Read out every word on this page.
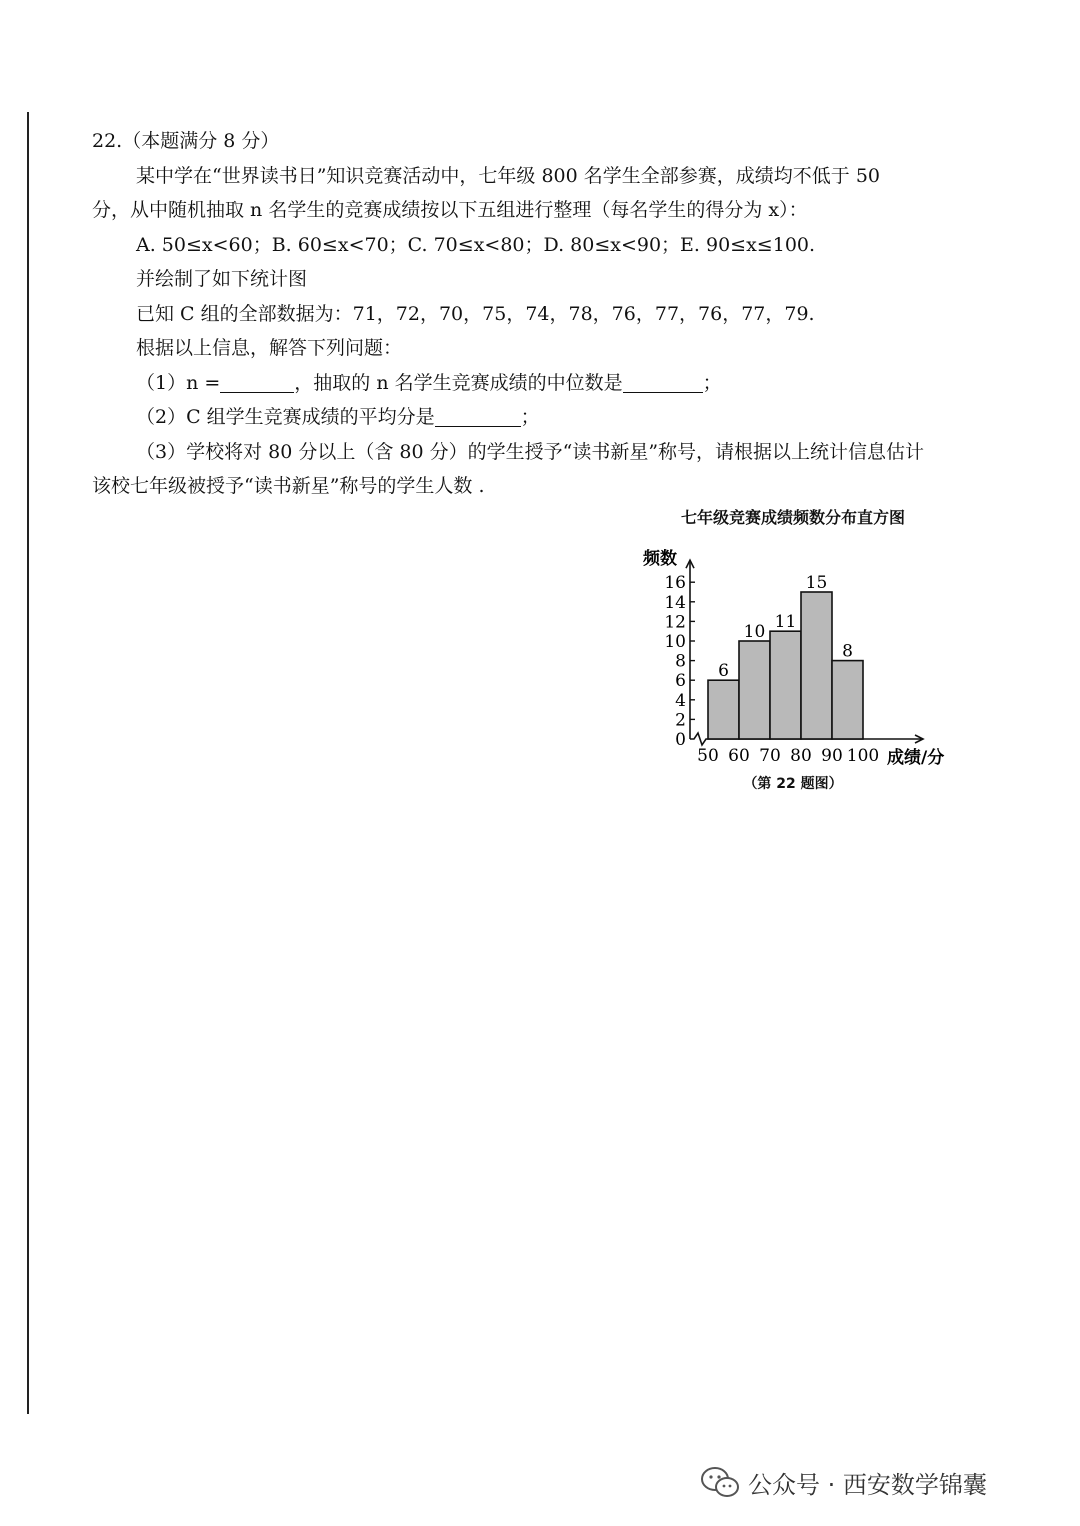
22.（本题满分 8 分）

某中学在“世界读书日”知识竞赛活动中，七年级 800 名学生全部参赛，成绩均不低于 50

分，从中随机抽取 n 名学生的竞赛成绩按以下五组进行整理（每名学生的得分为 x）：

A. 50≤x<60；B. 60≤x<70；C. 70≤x<80；D. 80≤x<90；E. 90≤x≤100.

并绘制了如下统计图

已知 C 组的全部数据为：71，72，70，75，74，78，76，77，76，77，79.

根据以上信息，解答下列问题：

（1）n =	，抽取的 n 名学生竞赛成绩的中位数是	；

（2）C 组学生竞赛成绩的平均分是	；

（3）学校将对 80 分以上（含 80 分）的学生授予“读书新星”称号，请根据以上统计信息估计

该校七年级被授予“读书新星”称号的学生人数 .

七年级竞赛成绩频数分布直方图
0
2
4
6
8
10
12
14
16
频数
6
10 11
15
8
50 60 70 80 90 100 成绩/分
（第 22 题图）
公众号 · 西安数学锦囊
